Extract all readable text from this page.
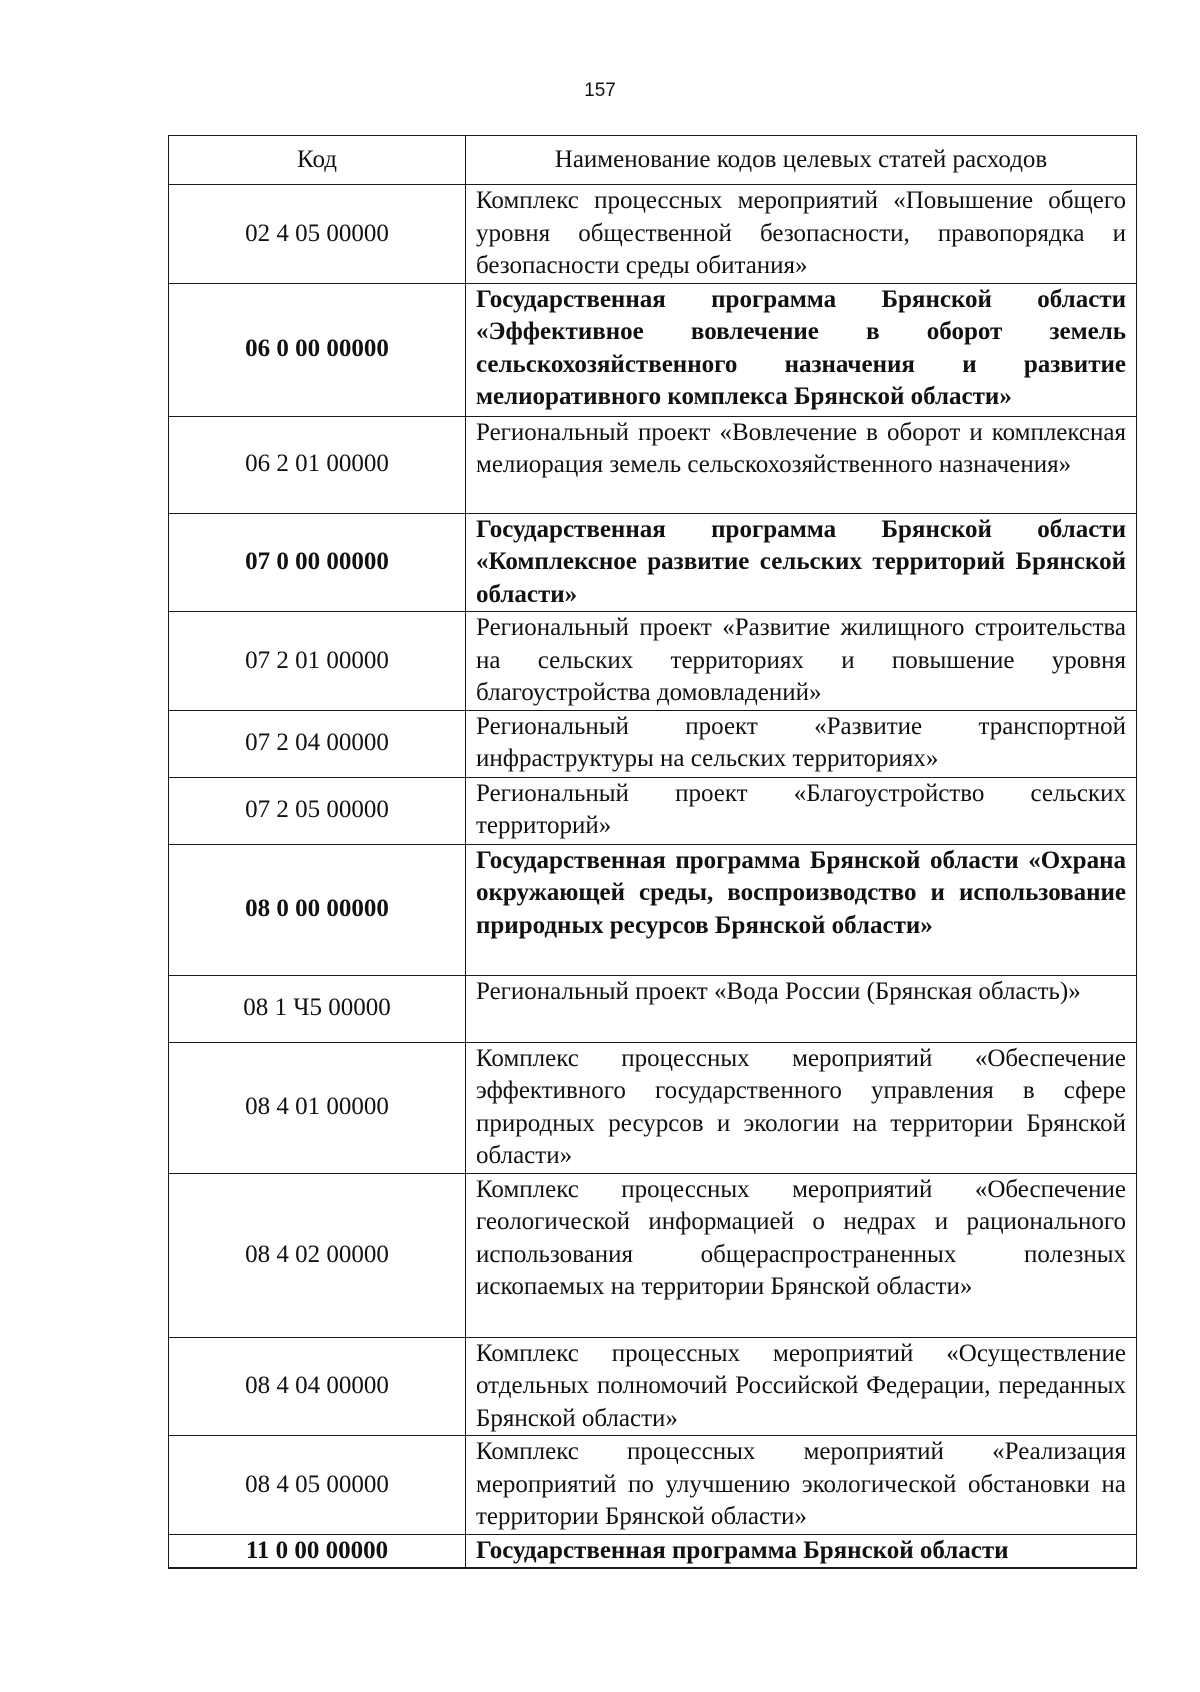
157
Код	Наименование кодов целевых статей расходов
02 4 05 00000	Комплекс процессных мероприятий «Повышение общего уровня общественной безопасности, правопорядка и безопасности среды обитания»
06 0 00 00000	Государственная программа Брянской области «Эффективное вовлечение в оборот земель сельскохозяйственного назначения и развитие мелиоративного комплекса Брянской области»
06 2 01 00000	Региональный проект «Вовлечение в оборот и комплексная мелиорация земель сельскохозяйственного назначения»
07 0 00 00000	Государственная программа Брянской области «Комплексное развитие сельских территорий Брянской области»
07 2 01 00000	Региональный проект «Развитие жилищного строительства на сельских территориях и повышение уровня благоустройства домовладений»
07 2 04 00000	Региональный проект «Развитие транспортной инфраструктуры на сельских территориях»
07 2 05 00000	Региональный проект «Благоустройство сельских территорий»
08 0 00 00000	Государственная программа Брянской области «Охрана окружающей среды, воспроизводство и использование природных ресурсов Брянской области»
08 1 Ч5 00000	Региональный проект «Вода России (Брянская область)»
08 4 01 00000	Комплекс процессных мероприятий «Обеспечение эффективного государственного управления в сфере природных ресурсов и экологии на территории Брянской области»
08 4 02 00000	Комплекс процессных мероприятий «Обеспечение геологической информацией о недрах и рационального использования общераспространенных полезных ископаемых на территории Брянской области»
08 4 04 00000	Комплекс процессных мероприятий «Осуществление отдельных полномочий Российской Федерации, переданных Брянской области»
08 4 05 00000	Комплекс процессных мероприятий «Реализация мероприятий по улучшению экологической обстановки на территории Брянской области»
11 0 00 00000	Государственная программа Брянской области
